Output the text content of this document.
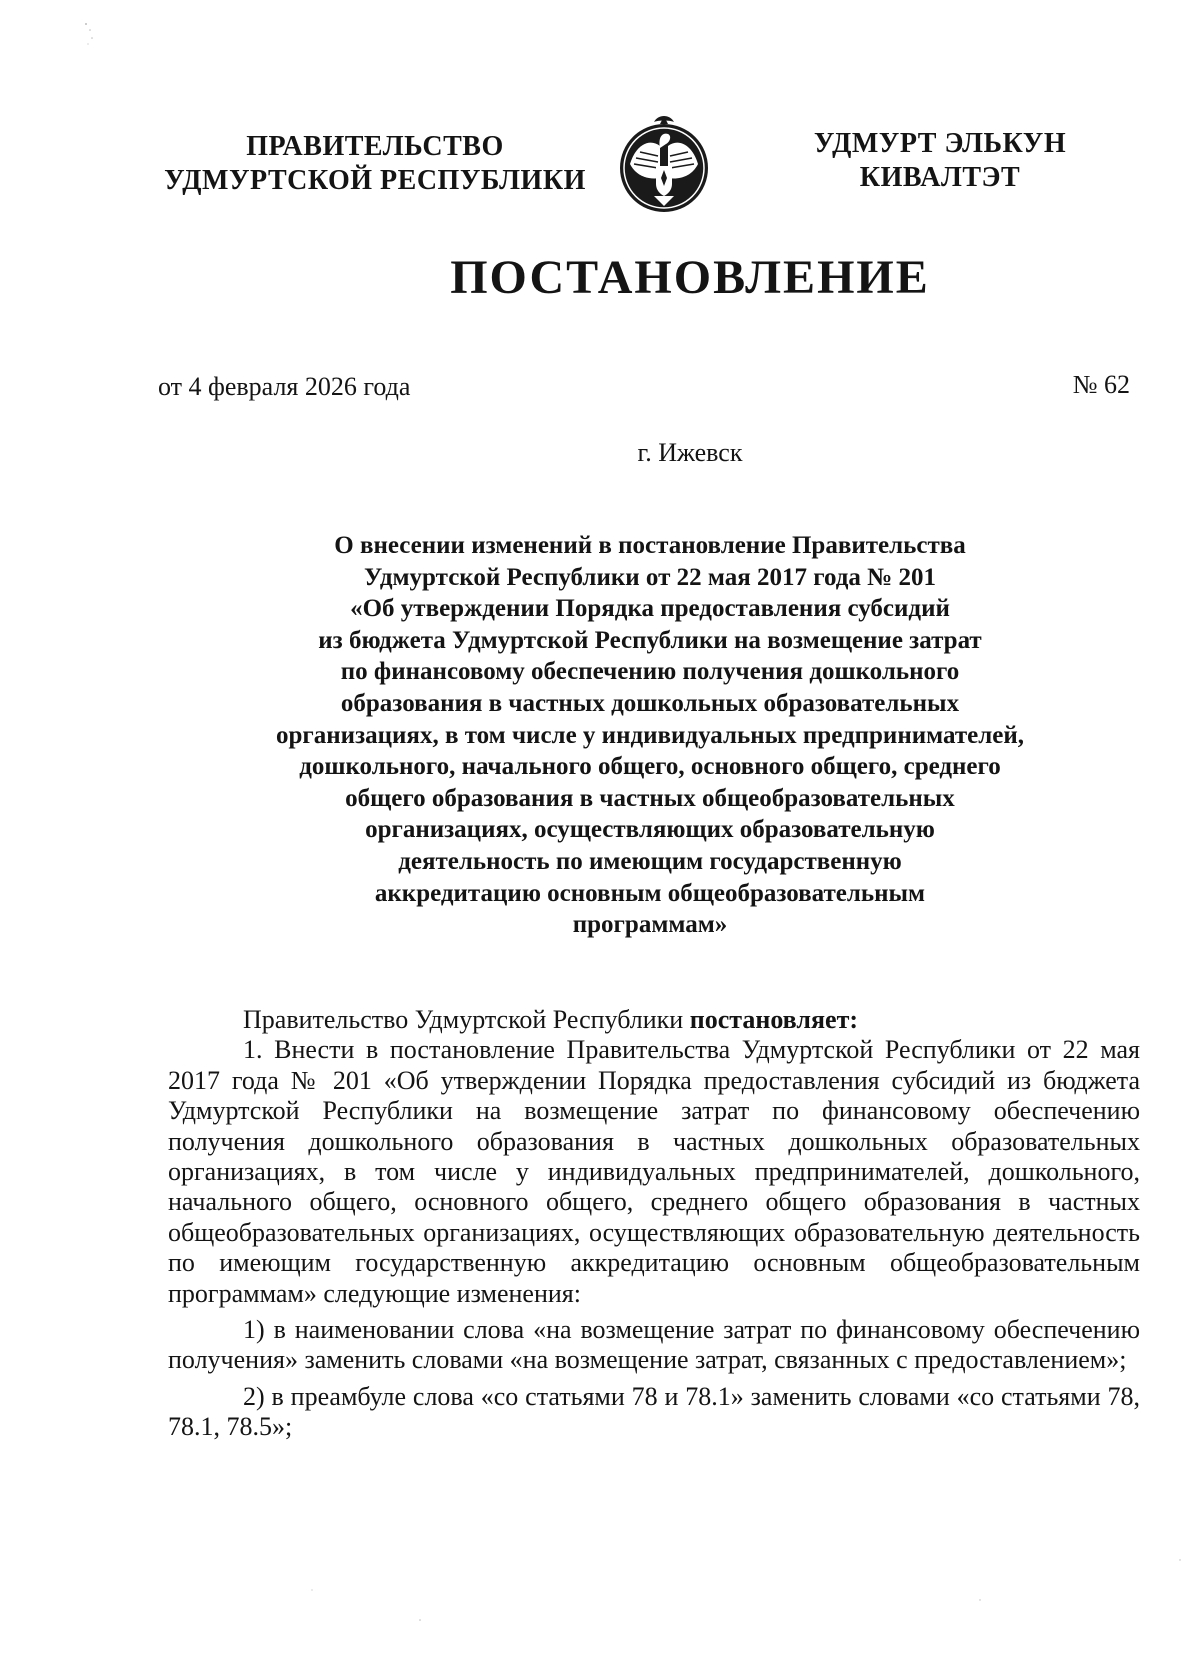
ПРАВИТЕЛЬСТВО
УДМУРТСКОЙ РЕСПУБЛИКИ
УДМУРТ ЭЛЬКУН
КИВАЛТЭТ
ПОСТАНОВЛЕНИЕ
от 4 февраля 2026 года	№ 62
г. Ижевск
О внесении изменений в постановление Правительства
Удмуртской Республики от 22 мая 2017 года № 201
«Об утверждении Порядка предоставления субсидий
из бюджета Удмуртской Республики на возмещение затрат
по финансовому обеспечению получения дошкольного
образования в частных дошкольных образовательных
организациях, в том числе у индивидуальных предпринимателей,
дошкольного, начального общего, основного общего, среднего
общего образования в частных общеобразовательных
организациях, осуществляющих образовательную
деятельность по имеющим государственную
аккредитацию основным общеобразовательным
программам»

Правительство Удмуртской Республики постановляет:

1. Внести в постановление Правительства Удмуртской Республики от 22 мая 2017 года № 201 «Об утверждении Порядка предоставления субсидий из бюджета Удмуртской Республики на возмещение затрат по финансовому обеспечению получения дошкольного образования в частных дошкольных образовательных организациях, в том числе у индивидуальных предпринимателей, дошкольного, начального общего, основного общего, среднего общего образования в частных общеобразовательных организациях, осуществляющих образовательную деятельность по имеющим государственную аккредитацию основным общеобразовательным программам» следующие изменения:

1) в наименовании слова «на возмещение затрат по финансовому обеспечению получения» заменить словами «на возмещение затрат, связанных с предоставлением»;

2) в преамбуле слова «со статьями 78 и 78.1» заменить словами «со статьями 78, 78.1, 78.5»;
